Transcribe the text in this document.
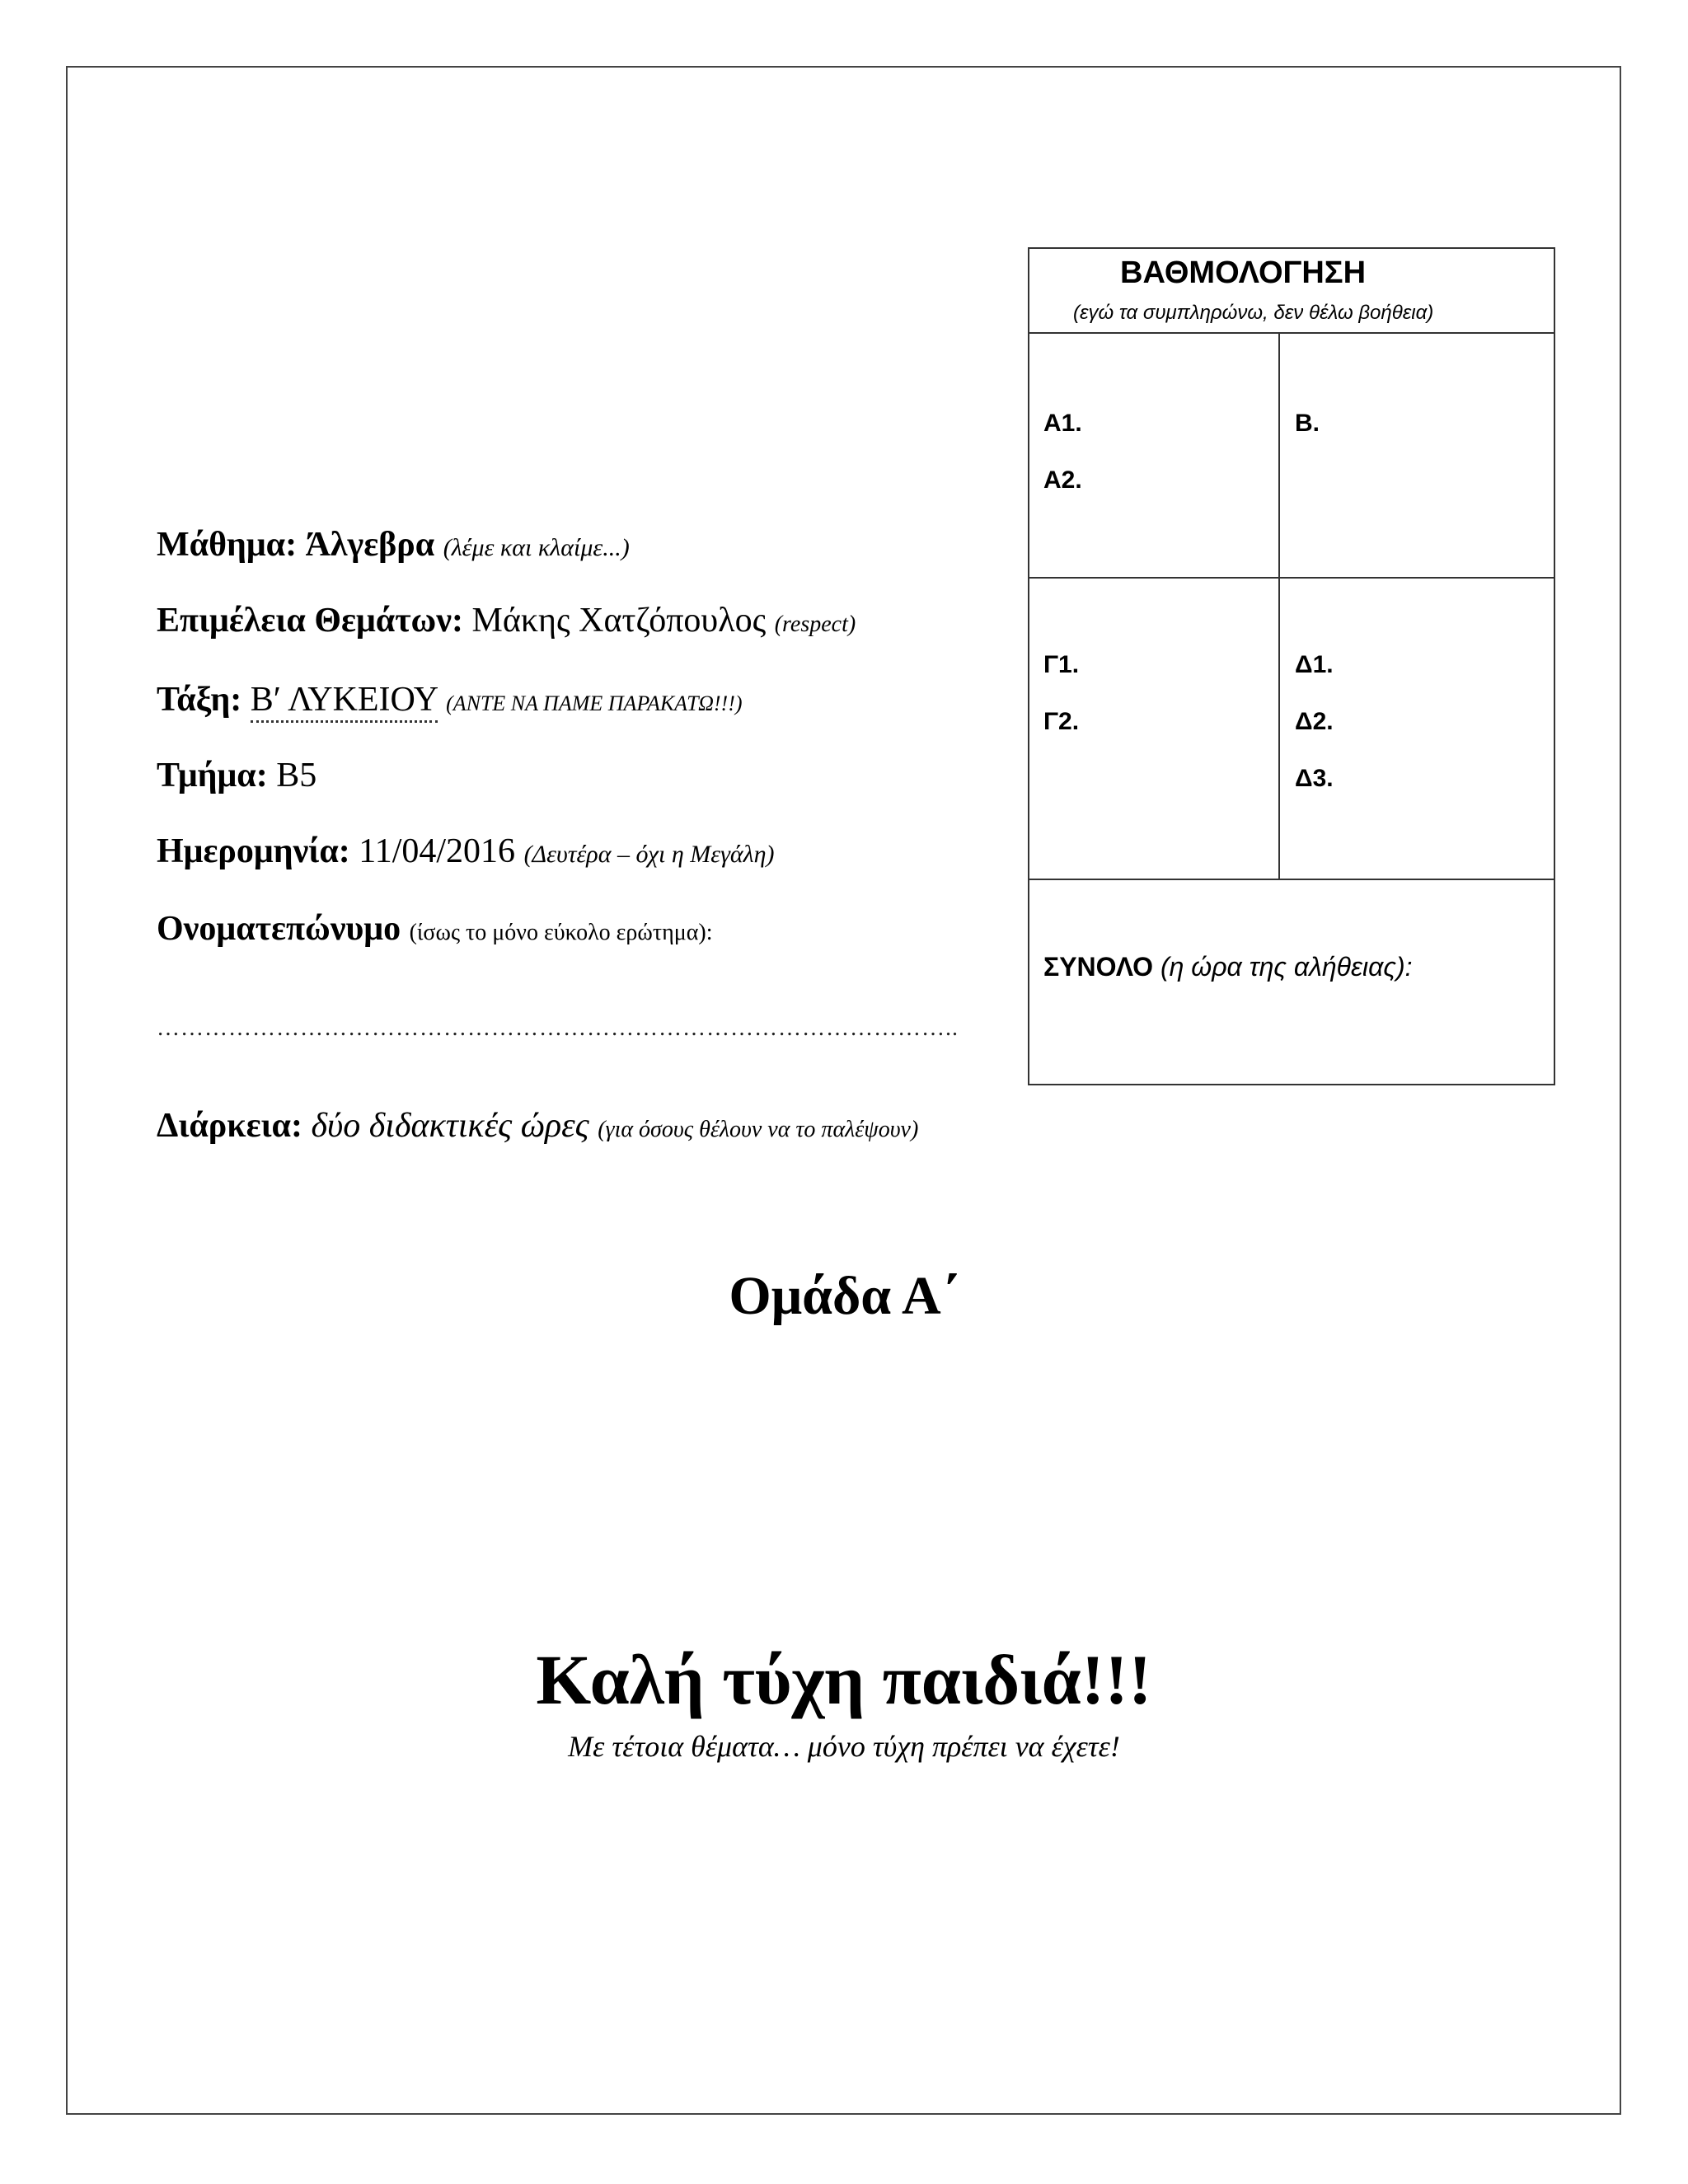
Μάθημα: Άλγεβρα (λέμε και κλαίμε...)
Επιμέλεια Θεμάτων: Μάκης Χατζόπουλος (respect)
Τάξη: Β′ ΛΥΚΕΙΟΥ (ΑΝΤΕ ΝΑ ΠΑΜΕ ΠΑΡΑΚΑΤΩ!!!)
Τμήμα: Β5
Ημερομηνία: 11/04/2016 (Δευτέρα – όχι η Μεγάλη)
Ονοματεπώνυμο (ίσως το μόνο εύκολο ερώτημα):
………………………………………………………………………………………..
Διάρκεια: δύο διδακτικές ώρες (για όσους θέλουν να το παλέψουν)
ΒΑΘΜΟΛΟΓΗΣΗ
(εγώ τα συμπληρώνω, δεν θέλω βοήθεια)
Α1.
Α2.
Β.
Γ1.
Γ2.
Δ1.
Δ2.
Δ3.
ΣΥΝΟΛΟ (η ώρα της αλήθειας):
Ομάδα Α΄
Καλή τύχη παιδιά!!!
Με τέτοια θέματα… μόνο τύχη πρέπει να έχετε!
